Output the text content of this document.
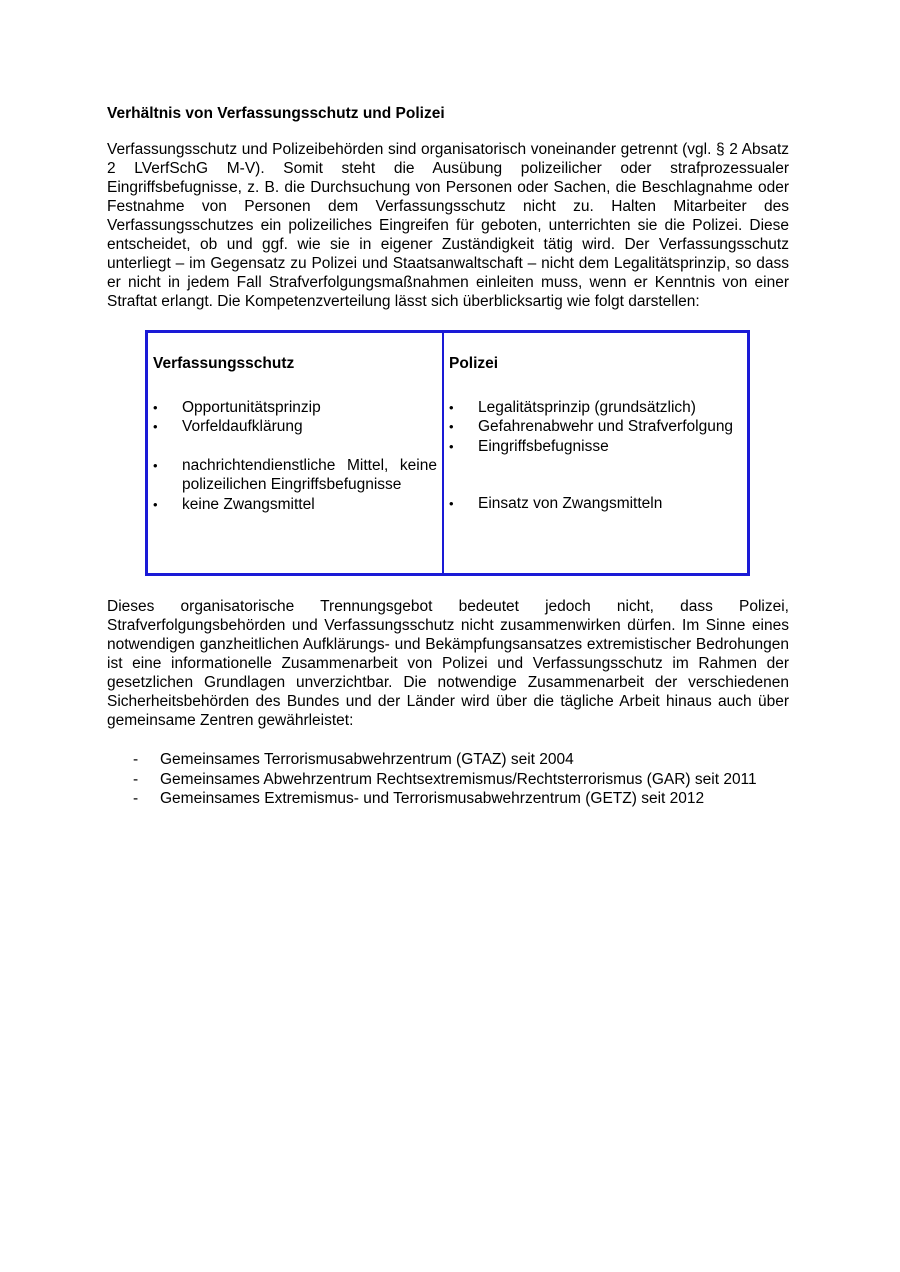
Verhältnis von Verfassungsschutz und Polizei

Verfassungsschutz und Polizeibehörden sind organisatorisch voneinander getrennt (vgl. § 2 Absatz 2 LVerfSchG M-V). Somit steht die Ausübung polizeilicher oder strafprozessualer Eingriffsbefugnisse, z. B. die Durchsuchung von Personen oder Sachen, die Beschlagnahme oder Festnahme von Personen dem Verfassungsschutz nicht zu. Halten Mitarbeiter des Verfassungsschutzes ein polizeiliches Eingreifen für geboten, unterrichten sie die Polizei. Diese entscheidet, ob und ggf. wie sie in eigener Zuständigkeit tätig wird. Der Verfassungsschutz unterliegt – im Gegensatz zu Polizei und Staatsanwaltschaft – nicht dem Legalitätsprinzip, so dass er nicht in jedem Fall Strafverfolgungsmaßnahmen einleiten muss, wenn er Kenntnis von einer Straftat erlangt. Die Kompetenzverteilung lässt sich überblicksartig wie folgt darstellen:

Verfassungsschutz
•	Opportunitätsprinzip
•	Vorfeldaufklärung
•	nachrichtendienstliche Mittel, keine polizeilichen Eingriffsbefugnisse
•	keine Zwangsmittel
Polizei
•	Legalitätsprinzip (grundsätzlich)
•	Gefahrenabwehr und Strafverfolgung
•	Eingriffsbefugnisse
•	Einsatz von Zwangsmitteln

Dieses organisatorische Trennungsgebot bedeutet jedoch nicht, dass Polizei, Strafverfolgungsbehörden und Verfassungsschutz nicht zusammenwirken dürfen. Im Sinne eines notwendigen ganzheitlichen Aufklärungs- und Bekämpfungsansatzes extremistischer Bedrohungen ist eine informationelle Zusammenarbeit von Polizei und Verfassungsschutz im Rahmen der gesetzlichen Grundlagen unverzichtbar. Die notwendige Zusammenarbeit der verschiedenen Sicherheitsbehörden des Bundes und der Länder wird über die tägliche Arbeit hinaus auch über gemeinsame Zentren gewährleistet:

- Gemeinsames Terrorismusabwehrzentrum (GTAZ) seit 2004
- Gemeinsames Abwehrzentrum Rechtsextremismus/Rechtsterrorismus (GAR) seit 2011
- Gemeinsames Extremismus- und Terrorismusabwehrzentrum (GETZ) seit 2012
